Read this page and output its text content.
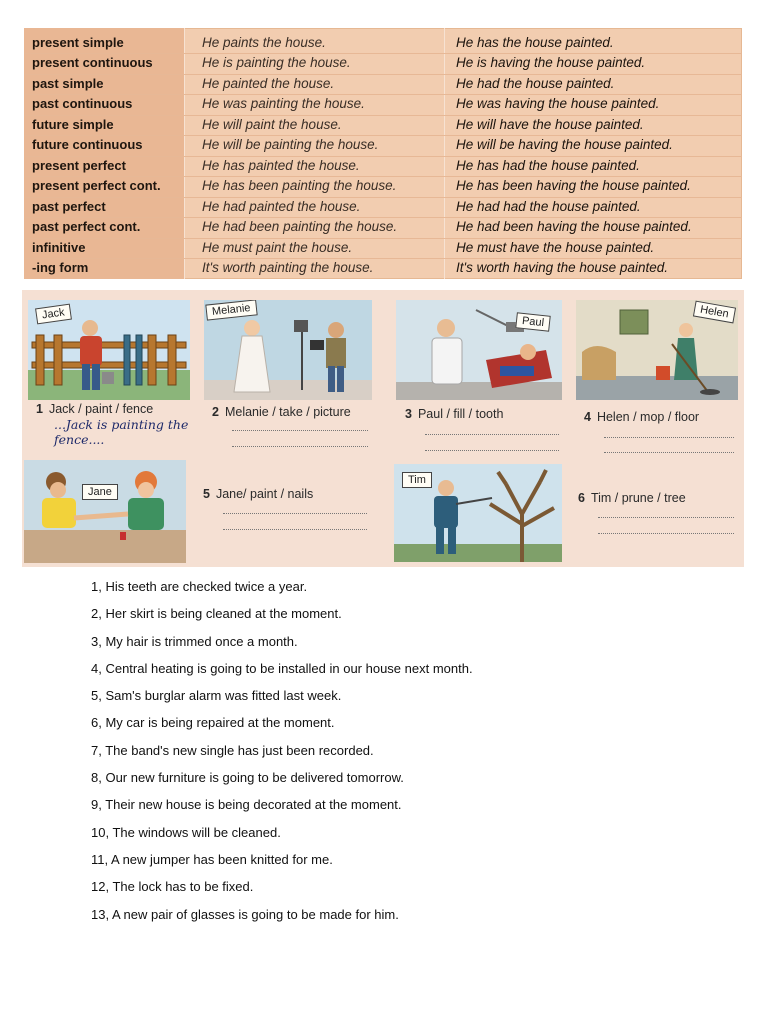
present simple	He paints the house.	He has the house painted.
present continuous	He is painting the house.	He is having the house painted.
past simple	He painted the house.	He had the house painted.
past continuous	He was painting the house.	He was having the house painted.
future simple	He will paint the house.	He will have the house painted.
future continuous	He will be painting the house.	He will be having the house painted.
present perfect	He has painted the house.	He has had the house painted.
present perfect cont.	He has been painting the house.	He has been having the house painted.
past perfect	He had painted the house.	He had had the house painted.
past perfect cont.	He had been painting the house.	He had been having the house painted.
infinitive	He must paint the house.	He must have the house painted.
-ing form	It's worth painting the house.	It's worth having the house painted.
Jack	Melanie
Paul
Helen
1 Jack / paint / fence
...Jack is painting the
fence....
2 Melanie / take / picture	3 Paul / fill / tooth	4 Helen / mop / floor
Jane	5 Jane/ paint / nails
Tim
6 Tim / prune / tree
1, His teeth are checked twice a year.
2, Her skirt is being cleaned at the moment.
3, My hair is trimmed once a month.
4, Central heating is going to be installed in our house next month.
5, Sam's burglar alarm was fitted last week.
6, My car is being repaired at the moment.
7, The band's new single has just been recorded.
8, Our new furniture is going to be delivered tomorrow.
9, Their new house is being decorated at the moment.
10, The windows will be cleaned.
11, A new jumper has been knitted for me.
12, The lock has to be fixed.
13, A new pair of glasses is going to be made for him.
